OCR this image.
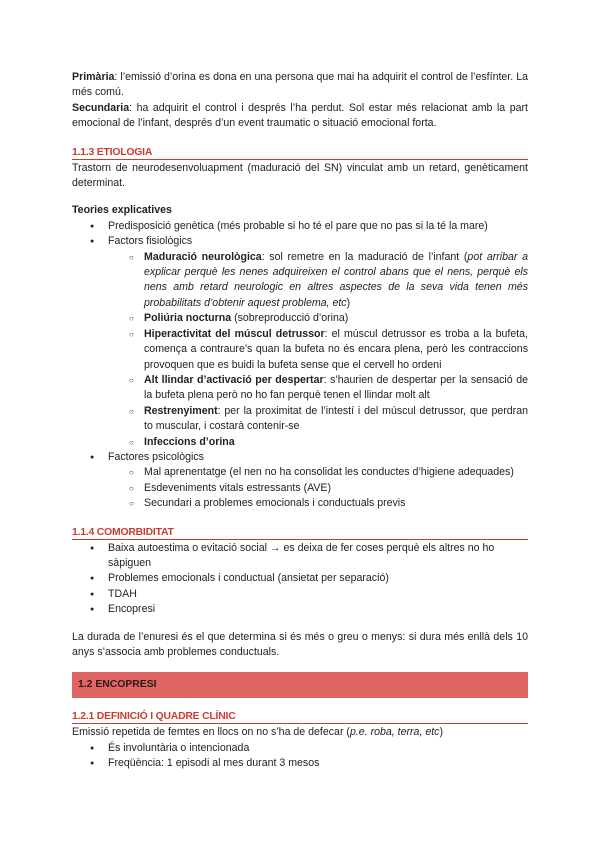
Primària: l’emissió d’orina es dona en una persona que mai ha adquirit el control de l’esfínter. La més comú.

Secundaria: ha adquirit el control i després l’ha perdut. Sol estar més relacionat amb la part emocional de l’infant, després d’un event traumatic o situació emocional forta.

1.1.3 ETIOLOGIA

Trastorn de neurodesenvoluapment (maduració del SN) vinculat amb un retard, genèticament determinat.

Teories explicatives

● Predisposició genètica (més probable si ho té el pare que no pas si la té la mare)
● Factors fisiològics
○ Maduració neurològica: sol remetre en la maduració de l’infant (pot arribar a explicar perquè les nenes adquireixen el control abans que el nens, perquè els nens amb retard neurologic en altres aspectes de la seva vida tenen més probabilitats d’obtenir aquest problema, etc)
○ Poliúria nocturna (sobreproducció d’orina)
○ Hiperactivitat del múscul detrussor: el múscul detrussor es troba a la bufeta, comença a contraure’s quan la bufeta no és encara plena, però les contraccions provoquen que es buidi la bufeta sense que el cervell ho ordeni
○ Alt llindar d’activació per despertar: s’haurien de despertar per la sensació de la bufeta plena però no ho fan perquè tenen el llindar molt alt
○ Restrenyiment: per la proximitat de l’intestí i del múscul detrussor, que perdran to muscular, i costarà contenir-se
○ Infeccions d’orina
● Factores psicològics
○ Mal aprenentatge (el nen no ha consolidat les conductes d’higiene adequades)
○ Esdeveniments vitals estressants (AVE)
○ Secundari a problemes emocionals i conductuals previs
1.1.4 COMORBIDITAT
● Baixa autoestima o evitació social → es deixa de fer coses perquè els altres no ho sàpiguen
● Problemes emocionals i conductual (ansietat per separació)
● TDAH
● Encopresi

La durada de l’enuresi és el que determina si és més o greu o menys: si dura més enllà dels 10 anys s’associa amb problemes conductuals.

1.2 ENCOPRESI
1.2.1 DEFINICIÓ I QUADRE CLÍNIC

Emissió repetida de femtes en llocs on no s’ha de defecar (p.e. roba, terra, etc)

● És involuntària o intencionada
● Freqüència: 1 episodi al mes durant 3 mesos
